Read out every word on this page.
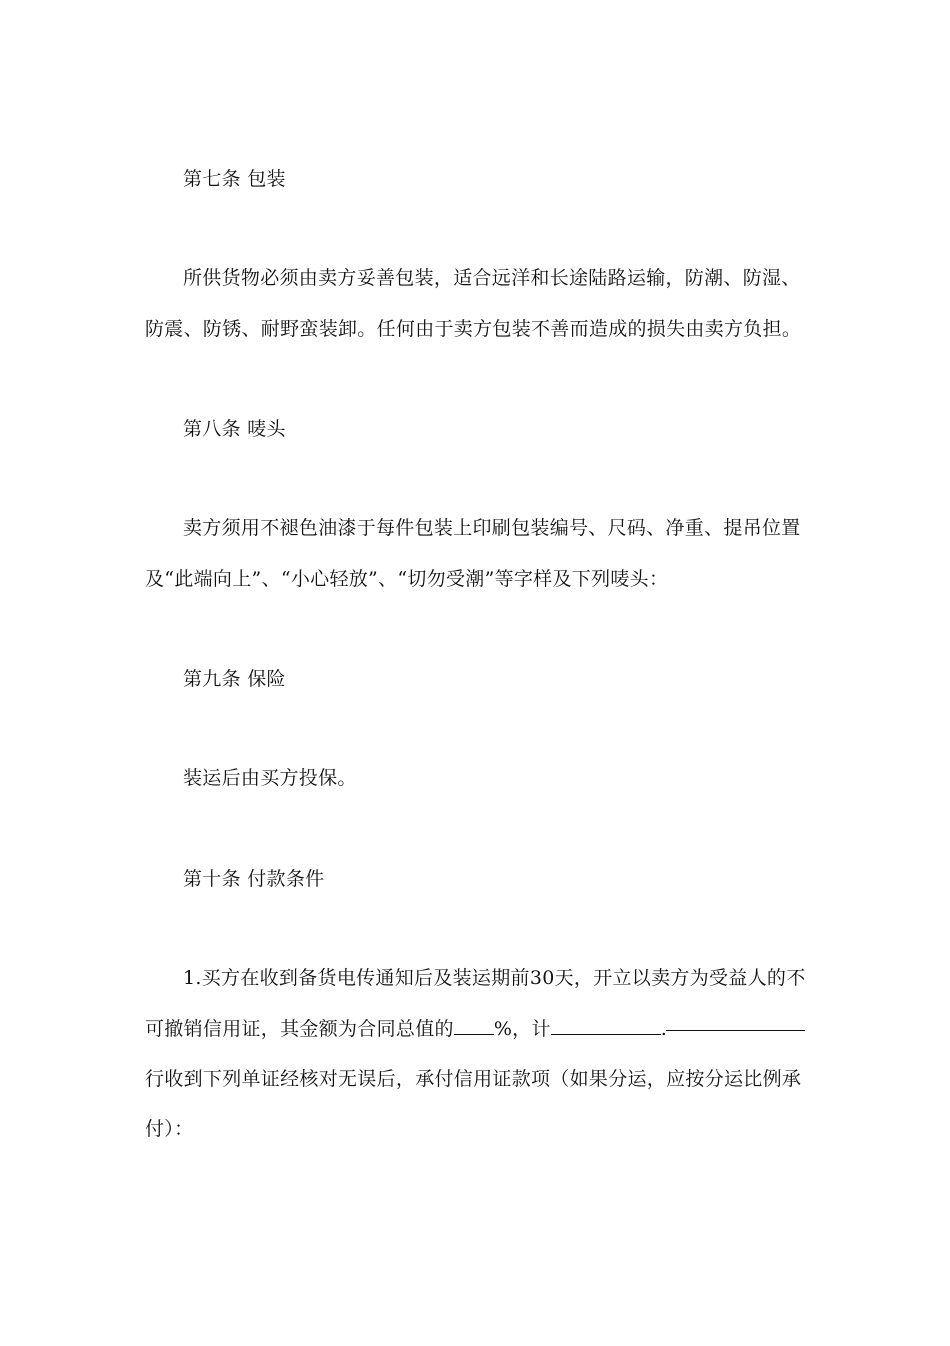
第七条 包装
所供货物必须由卖方妥善包装，适合远洋和长途陆路运输，防潮、防湿、
防震、防锈、耐野蛮装卸。任何由于卖方包装不善而造成的损失由卖方负担。
第八条 唛头
卖方须用不褪色油漆于每件包装上印刷包装编号、尺码、净重、提吊位置
及“此端向上”、“小心轻放”、“切勿受潮”等字样及下列唛头：
第九条 保险
装运后由买方投保。
第十条 付款条件
1.买方在收到备货电传通知后及装运期前30天，开立以卖方为受益人的不
可撤销信用证，其金额为合同总值的 %，计	.
行收到下列单证经核对无误后，承付信用证款项（如果分运，应按分运比例承
付）：
